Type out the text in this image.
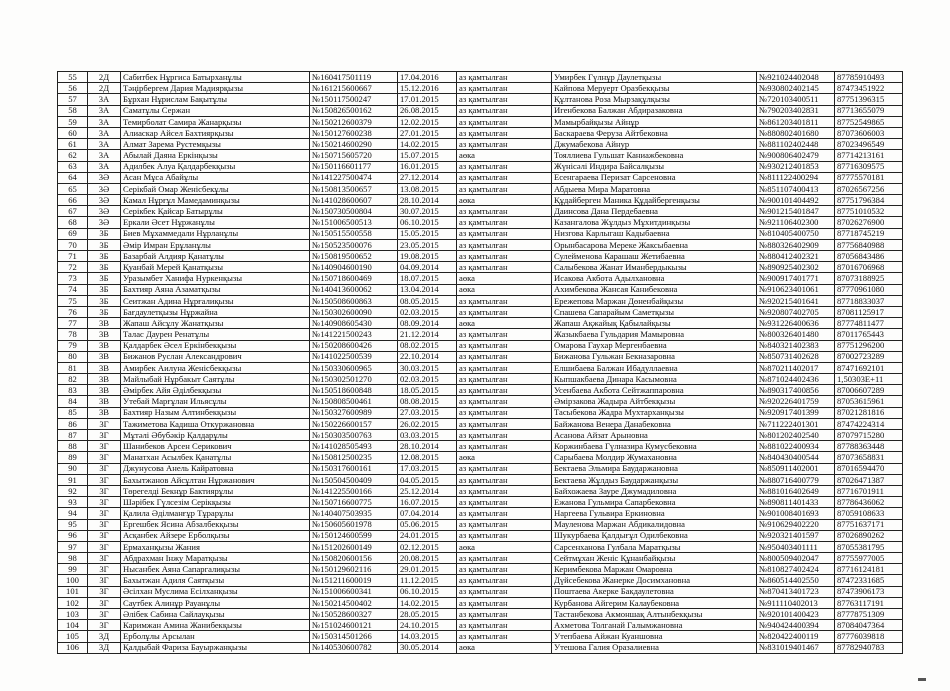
55	2Д	Сабитбек Нұргиса Батырханұлы	№160417501119	17.04.2016	аз қамтылған	Умирбек Гүлнұр Даулетқызы	№921024402048	87785910493
56	2Д	Тәңірбергем Дария Мадиярқызы	№161215600667	15.12.2016	аз қамтылған	Кайпова Меруерт Оразбекқызы	№930802402145	87473451922
57	3А	Бұрхан Нұрислам Бақытұлы	№150117500247	17.01.2015	аз қамтылған	Құлтанова Роза Мырзақұлқызы	№720103400511	87751396315
58	3А	Саматұлы Сержан	№150826500162	26.08.2015	аз қамтылған	Игенбекова Балжан Абдиразаковна	№790203402831	87713655079
59	3А	Темирболат Самира Жанарқызы	№150212600379	12.02.2015	аз қамтылған	Мамырбайқызы Айнұр	№861203401811	87752549865
60	3А	Алиаскар Айсел Бахтиярқызы	№150127600238	27.01.2015	аз қамтылған	Баскараева Феруза Айтбековна	№880802401680	87073606003
61	3А	Алмат Зарема Рустемқызы	№150214600290	14.02.2015	аз қамтылған	Джумабекова Айнур	№881102402448	87023496549
62	3А	Абылай Даяна Еркінқызы	№150715605720	15.07.2015	аөка	Тояллиева Гульшат Каниажбековна	№900806402479	87714213161
63	3А	Адилбек Алуа Қалдарбекқызы	№150116601177	16.01.2015	аз қамтылған	Жүнісәлі Индира Байсалқызы	№930212401853	87716309575
64	3Ә	Асан Мұса Абайұлы	№141227500474	27.12.2014	аз қамтылған	Есенгараева Перизат Сарсеновна	№811122400294	87775570181
65	3Ә	Серікбай Омар Женісбекұлы	№150813500657	13.08.2015	аз қамтылған	Абдыева Мира Маратовна	№851107400413	87026567256
66	3Ә	Камал Нұрғұл Мамедаминқызы	№141028600607	28.10.2014	аөка	Құдайберген Маника Құдайбергенқызы	№900101404492	87751796384
67	3Ә	Серікбек Қайсар Батырұлы	№150730500804	30.07.2015	аз қамтылған	Даинсова Дана Пердебаевна	№901215401847	87751010532
68	3Ә	Еркали Әсет Нұржанұлы	№151006500513	06.10.2015	аз қамтылған	Казангалова Жұлдыз Мұхитдинқызы	№921106402300	87026276900
69	3Б	Биев Мұхаммедали Нұрланұлы	№150515500558	15.05.2015	аз қамтылған	Низгова Карлыгаш Кадыбаевна	№810405400750	87718745219
70	3Б	Әмір Имран Ерұланұлы	№150523500076	23.05.2015	аз қамтылған	Орынбасарова Мереке Жаксыбаевна	№880326402909	87756840988
71	3Б	Базарбай Алдияр Қанатұлы	№150819500652	19.08.2015	аз қамтылған	Сулейменова Карашаш Жетибаевна	№880412402321	87056843486
72	3Б	Қуанбай Мерей Қанатқызы	№140904600190	04.09.2014	аз қамтылған	Салыбекова Жанат Иманбердыкызы	№890925402302	87016706968
73	3Б	Уразымбет Ханифа Нуркенқызы	№150718600469	18.07.2015	аөка	Исакова Акбота Адылхановна	№900917401771	87073188925
74	3Б	Бахтияр Аяна Азаматқызы	№140413600062	13.04.2014	аөка	Ахимбекова Жансая Канибековна	№910623401061	87770961080
75	3Б	Сеитжан Адина Нұрғалиқызы	№150508600863	08.05.2015	аз қамтылған	Ережепова Маржан Дөненбайқызы	№920215401641	87718833037
76	3Б	Бағдаулетқызы Нұржайна	№150302600090	02.03.2015	аз қамтылған	Спашева Сапарайым Саметқызы	№920807402705	87081125917
77	3В	Жапаш Айсұлу Жанатқызы	№140908605430	08.09.2014	аөка	Жапаш Ақжайық Қабылайқызы	№931226400636	87774811477
78	3В	Талас Даурен Ренатұлы	№141221500243	21.12.2014	аз қамтылған	Жазыкбаева Гульдария Мамыровна	№800326401480	87011765443
79	3В	Қалдарбек Әсел Еркінбекқызы	№150208600426	08.02.2015	аз қамтылған	Омарова Гаухар Мергенбаевна	№840321402383	87751296200
80	3В	Бижанов Руслан Александрович	№141022500539	22.10.2014	аз қамтылған	Бижанова Гульжан Бекназаровна	№850731402628	87002723289
81	3В	Амирбек Аилуна Женісбекқызы	№150330600965	30.03.2015	аз қамтылған	Елшибаева Балжан Ибадуллаевна	№870211402017	87471692101
82	3В	Майлыбай Нұрбакыт Саятұлы	№150302501270	02.03.2015	аз қамтылған	Кыпшакбаева Динара Касымовна	№871024402436	1,50303E+11
83	3В	Әмірбек Айя Әділбекқызы	№150518600848	18.05.2015	аз қамтылған	Усенбаева Акбота Сейтжаппаровна	№890317400856	87006607289
84	3В	Утебай Марғұлан Ильясұлы	№150808500461	08.08.2015	аз қамтылған	Әмірзакова Жадыра Айтбекқызы	№920226401759	87053615961
85	3В	Бахтияр Назым Алтинбекқызы	№150327600989	27.03.2015	аз қамтылған	Тасыбекова Жадра Мухтарханқызы	№920917401399	87021281816
86	3Г	Тажиметова Кадиша Откуржановна	№150226600157	26.02.2015	аз қамтылған	Байжанова Венера Данабековна	№711222401301	87474224314
87	3Г	Мұтәлі Әбубәкір Қалдарұлы	№150303500763	03.03.2015	аз қамтылған	Асанова Айзат Арыновна	№801202402540	87079715280
88	3Г	Шанибеков Арсен Серикович	№141028505493	28.10.2014	аз қамтылған	Коржинбаева Гүлназира Кумусбековна	№881022400934	87788363448
89	3Г	Манатхан Асылбек Қанатұлы	№150812500235	12.08.2015	аөка	Сарыбаева Молдир Жумахановна	№840430400544	87073658831
90	3Г	Джунусова Анель Кайратовна	№150317600161	17.03.2015	аз қамтылған	Бектаева Эльмира Баударжановна	№850911402001	87016594470
91	3Г	Бахытжанов Айсұлтан Нұржанович	№150504500409	04.05.2015	аз қамтылған	Бектаева Жұлдыз Баударжанқызы	№880716400779	87026471387
92	3Г	Төрегелді Бекнұр Бактиярұлы	№141225500166	25.12.2014	аз қамтылған	Байхожаева Зауре Джумадиловна	№881016402649	87716701911
93	3Г	Шәрібек Гүлсезім Серікқызы	№150716600775	16.07.2015	аз қамтылған	Ежанова Гульмира Сапарбековна	№890811401433	87786436062
94	3Г	Қалила Әділманғұр Тұрарұлы	№140407503935	07.04.2014	аз қамтылған	Наргеева Гульвира Еркиновна	№901008401693	87059108633
95	3Г	Ергешбек Ясина Абзалбекқызы	№150605601978	05.06.2015	аз қамтылған	Мауленова Маржан Абдикалидовна	№910629402220	87751637171
96	3Г	Асқанбек Айзере Ерболқызы	№150124600599	24.01.2015	аз қамтылған	Шукурбаева Қалдығұл Одилбековна	№920321401597	87026890262
97	3Г	Ермаханқызы Жания	№151202600149	02.12.2015	аөка	Сарсенханова Гулбала Маратқызы	№950403401111	87055381795
98	3Г	Абдрахман Інжу Маратқызы	№150820600156	20.08.2015	аз қамтылған	Сейтмұхан Женіс Құнанбайқызы	№800509402047	87755977005
99	3Г	Нысанбек Аяна Сапаргалиқызы	№150129602116	29.01.2015	аз қамтылған	Керимбекова Маржан Омаровна	№810827402424	87716124181
100	3Г	Бахытжан Адиля Саятқызы	№151211600019	11.12.2015	аз қамтылған	Дүйсебекова Жанерке Досимхановна	№860514402550	87472331685
101	3Г	Әсілхан Муслима Есілханқызы	№151006600341	06.10.2015	аз қамтылған	Поштаева Акерке Бакдаулетовна	№870413401723	87473906173
102	3Г	Саутбек Алинұр Рауанұлы	№150214500402	14.02.2015	аз қамтылған	Курбанова Айгерим Калаубековна	№911110402013	87763117191
103	3Г	Әлібек Сабина Сайлауқызы	№150528600327	28.05.2015	аз қамтылған	Тастанбекова Акмоншақ Алтынбекқызы	№920101400423	87778751309
104	3Г	Каримжан Амина Жанибекқызы	№151024600121	24.10.2015	аз қамтылған	Ахметова Толганай Галымжановна	№940424400394	87084047364
105	3Д	Ерболұлы Арсылан	№150314501266	14.03.2015	аз қамтылған	Утепбаева Айжан Куаншовна	№820422400119	87776039818
106	3Д	Қалдыбай Фариза Бауыржанқызы	№140530600782	30.05.2014	аөка	Утешова Галия Оразалиевна	№831019401467	87782940783
